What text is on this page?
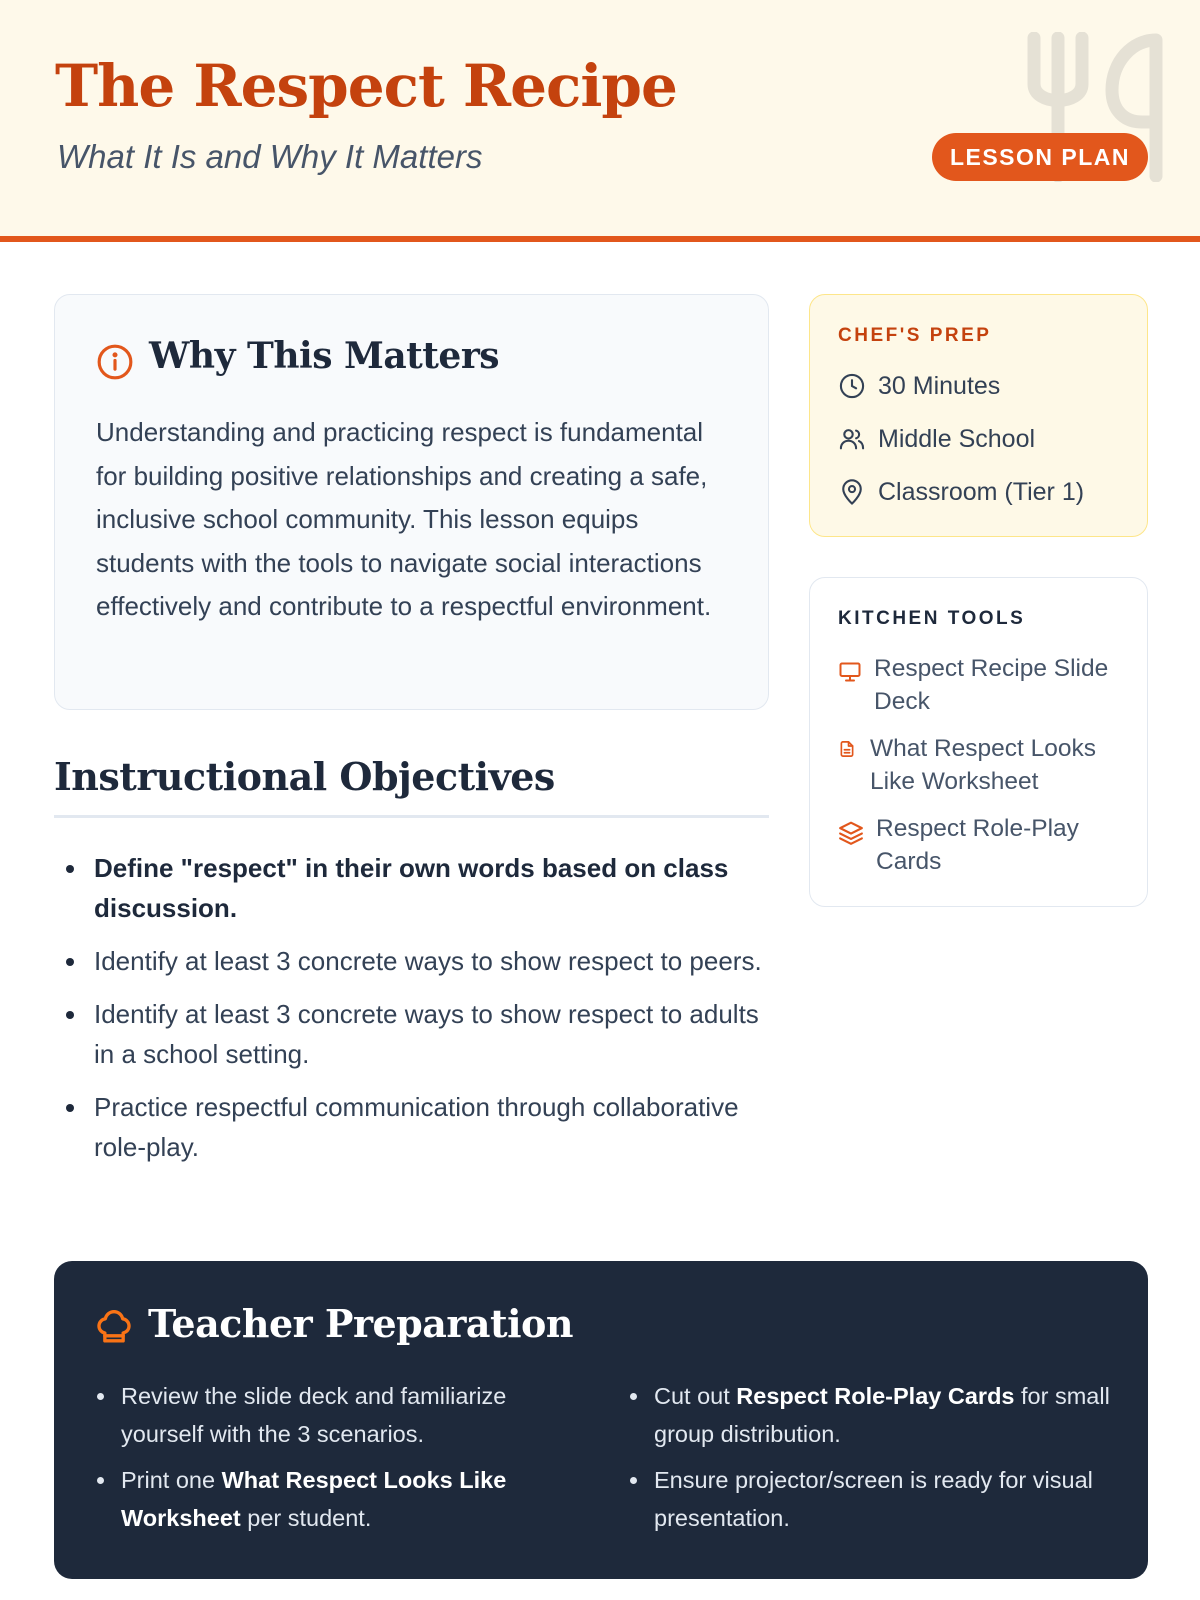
The Respect Recipe
What It Is and Why It Matters	LESSON PLAN
Why This Matters

Understanding and practicing respect is fundamental for building positive relationships and creating a safe, inclusive school community. This lesson equips students with the tools to navigate social interactions effectively and contribute to a respectful environment.

Instructional Objectives
Define "respect" in their own words based on class discussion.
Identify at least 3 concrete ways to show respect to peers.
Identify at least 3 concrete ways to show respect to adults in a school setting.
Practice respectful communication through collaborative role-play.
CHEF'S PREP
30 Minutes
Middle School
Classroom (Tier 1)
KITCHEN TOOLS
Respect Recipe Slide Deck
What Respect Looks Like Worksheet
Respect Role-Play Cards
Teacher Preparation
Review the slide deck and familiarize yourself with the 3 scenarios.
Print one What Respect Looks Like Worksheet per student.
Cut out Respect Role-Play Cards for small group distribution.
Ensure projector/screen is ready for visual presentation.
